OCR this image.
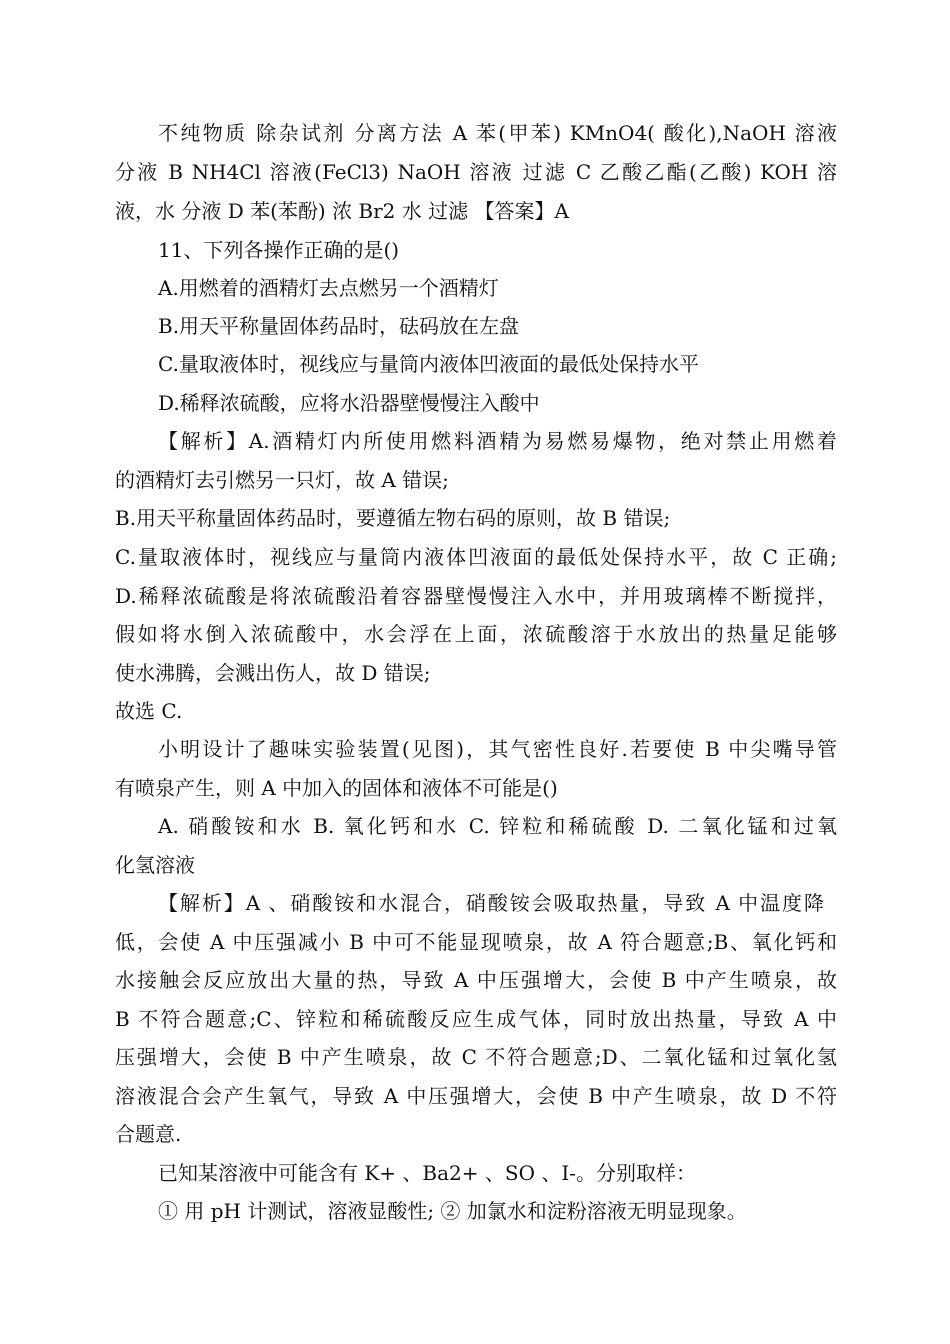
不纯物质 除杂试剂 分离方法 A 苯(甲苯) KMnO4( 酸化),NaOH 溶液
分液 B NH4Cl 溶液(FeCl3) NaOH 溶液 过滤 C 乙酸乙酯(乙酸) KOH 溶
液，水 分液 D 苯(苯酚) 浓 Br2 水 过滤 【答案】A
11、下列各操作正确的是()
A.用燃着的酒精灯去点燃另一个酒精灯
B.用天平称量固体药品时，砝码放在左盘
C.量取液体时，视线应与量筒内液体凹液面的最低处保持水平
D.稀释浓硫酸，应将水沿器壁慢慢注入酸中
【解析】A.酒精灯内所使用燃料酒精为易燃易爆物，绝对禁止用燃着
的酒精灯去引燃另一只灯，故 A 错误;
B.用天平称量固体药品时，要遵循左物右码的原则，故 B 错误;
C.量取液体时，视线应与量筒内液体凹液面的最低处保持水平，故 C 正确;
D.稀释浓硫酸是将浓硫酸沿着容器壁慢慢注入水中，并用玻璃棒不断搅拌，
假如将水倒入浓硫酸中，水会浮在上面，浓硫酸溶于水放出的热量足能够
使水沸腾，会溅出伤人，故 D 错误;
故选 C.
小明设计了趣味实验装置(见图)，其气密性良好.若要使 B 中尖嘴导管
有喷泉产生，则 A 中加入的固体和液体不可能是()
A. 硝酸铵和水 B. 氧化钙和水 C. 锌粒和稀硫酸 D. 二氧化锰和过氧
化氢溶液
【解析】A 、硝酸铵和水混合，硝酸铵会吸取热量，导致 A 中温度降
低，会使 A 中压强减小 B 中可不能显现喷泉，故 A 符合题意;B、氧化钙和
水接触会反应放出大量的热，导致 A 中压强增大，会使 B 中产生喷泉，故
B 不符合题意;C、锌粒和稀硫酸反应生成气体，同时放出热量，导致 A 中
压强增大，会使 B 中产生喷泉，故 C 不符合题意;D、二氧化锰和过氧化氢
溶液混合会产生氧气，导致 A 中压强增大，会使 B 中产生喷泉，故 D 不符
合题意.
已知某溶液中可能含有 K+ 、Ba2+ 、SO 、I-。分别取样：
① 用 pH 计测试，溶液显酸性; ② 加氯水和淀粉溶液无明显现象。
